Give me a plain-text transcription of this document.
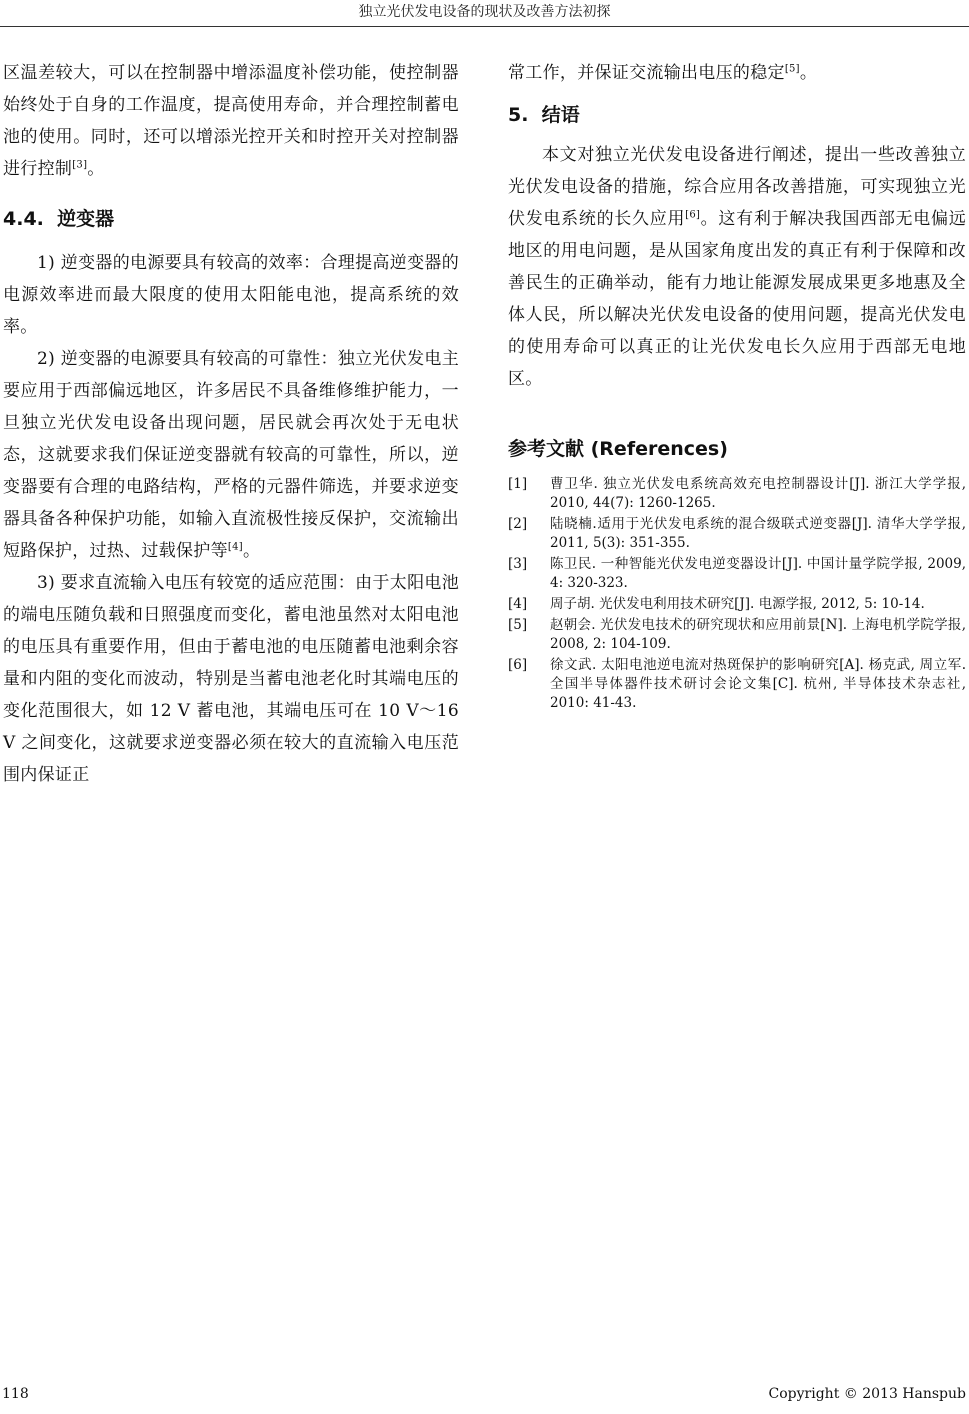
独立光伏发电设备的现状及改善方法初探

区温差较大，可以在控制器中增添温度补偿功能，使控制器始终处于自身的工作温度，提高使用寿命，并合理控制蓄电池的使用。同时，还可以增添光控开关和时控开关对控制器进行控制[3]。

4.4. 逆变器

1) 逆变器的电源要具有较高的效率：合理提高逆变器的电源效率进而最大限度的使用太阳能电池，提高系统的效率。

2) 逆变器的电源要具有较高的可靠性：独立光伏发电主要应用于西部偏远地区，许多居民不具备维修维护能力，一旦独立光伏发电设备出现问题，居民就会再次处于无电状态，这就要求我们保证逆变器就有较高的可靠性，所以，逆变器要有合理的电路结构，严格的元器件筛选，并要求逆变器具备各种保护功能，如输入直流极性接反保护，交流输出短路保护，过热、过载保护等[4]。

3) 要求直流输入电压有较宽的适应范围：由于太阳电池的端电压随负载和日照强度而变化，蓄电池虽然对太阳电池的电压具有重要作用，但由于蓄电池的电压随蓄电池剩余容量和内阻的变化而波动，特别是当蓄电池老化时其端电压的变化范围很大，如 12 V 蓄电池，其端电压可在 10 V～16 V 之间变化，这就要求逆变器必须在较大的直流输入电压范围内保证正

常工作，并保证交流输出电压的稳定[5]。

5. 结语

本文对独立光伏发电设备进行阐述，提出一些改善独立光伏发电设备的措施，综合应用各改善措施，可实现独立光伏发电系统的长久应用[6]。这有利于解决我国西部无电偏远地区的用电问题，是从国家角度出发的真正有利于保障和改善民生的正确举动，能有力地让能源发展成果更多地惠及全体人民，所以解决光伏发电设备的使用问题，提高光伏发电的使用寿命可以真正的让光伏发电长久应用于西部无电地区。

参考文献 (References)
[1]	曹卫华. 独立光伏发电系统高效充电控制器设计[J]. 浙江大学学报, 2010, 44(7): 1260-1265.
[2]	陆晓楠.适用于光伏发电系统的混合级联式逆变器[J]. 清华大学学报, 2011, 5(3): 351-355.
[3]	陈卫民. 一种智能光伏发电逆变器设计[J]. 中国计量学院学报, 2009, 4: 320-323.
[4]	周子胡. 光伏发电利用技术研究[J]. 电源学报, 2012, 5: 10-14.
[5]	赵朝会. 光伏发电技术的研究现状和应用前景[N]. 上海电机学院学报, 2008, 2: 104-109.
[6]	徐文武. 太阳电池逆电流对热斑保护的影响研究[A]. 杨克武, 周立军. 全国半导体器件技术研讨会论文集[C]. 杭州, 半导体技术杂志社, 2010: 41-43.
118	Copyright © 2013 Hanspub
